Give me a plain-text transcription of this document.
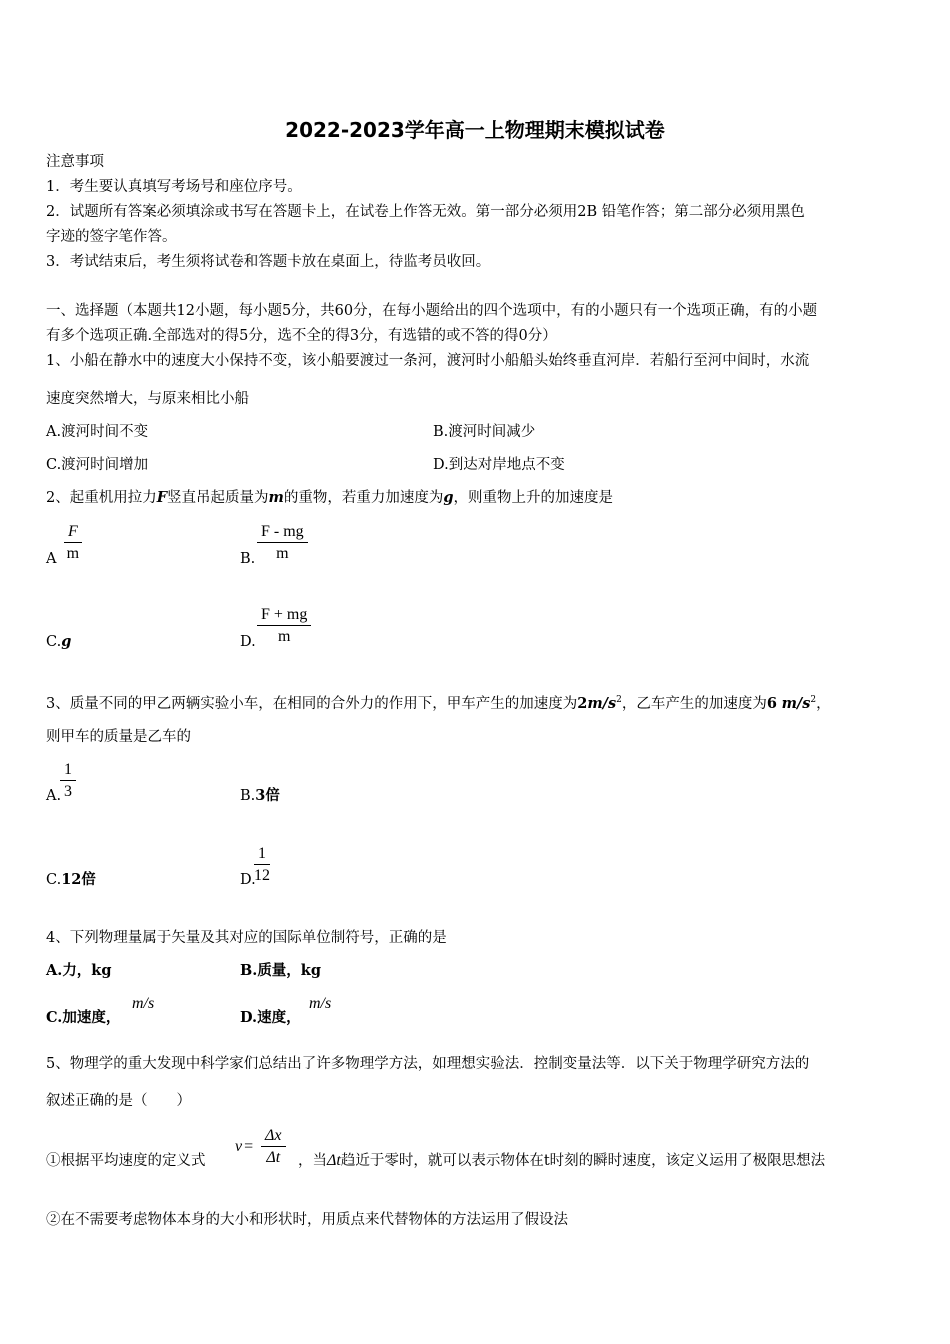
2022-2023学年高一上物理期末模拟试卷
注意事项
1．考生要认真填写考场号和座位序号。
2．试题所有答案必须填涂或书写在答题卡上，在试卷上作答无效。第一部分必须用2B 铅笔作答；第二部分必须用黑色
字迹的签字笔作答。
3．考试结束后，考生须将试卷和答题卡放在桌面上，待监考员收回。
一、选择题（本题共12小题，每小题5分，共60分，在每小题给出的四个选项中，有的小题只有一个选项正确，有的小题
有多个选项正确.全部选对的得5分，选不全的得3分，有选错的或不答的得0分）
1、小船在静水中的速度大小保持不变，该小船要渡过一条河，渡河时小船船头始终垂直河岸．若船行至河中间时，水流
速度突然增大，与原来相比小船
A.渡河时间不变	B.渡河时间减少
C.渡河时间增加	D.到达对岸地点不变
2、起重机用拉力F竖直吊起质量为m的重物，若重力加速度为g，则重物上升的加速度是
A
F
m	B.
F - mg
m
C.g	D.
F + mg
m
3、质量不同的甲乙两辆实验小车，在相同的合外力的作用下，甲车产生的加速度为$2m/s^2$，乙车产生的加速度为6 $m/s^2$，
则甲车的质量是乙车的
A.
1
3	B.3倍
C.12倍	D.
1
12
4、下列物理量属于矢量及其对应的国际单位制符号，正确的是
A.力，kg	B.质量，kg
C.加速度，
m/s
D.速度，
m/s
5、物理学的重大发现中科学家们总结出了许多物理学方法，如理想实验法．控制变量法等．以下关于物理学研究方法的
叙述正确的是（　　）
①根据平均速度的定义式
v =
Δx
Δt	，当Δt趋近于零时，就可以表示物体在t时刻的瞬时速度，该定义运用了极限思想法
②在不需要考虑物体本身的大小和形状时，用质点来代替物体的方法运用了假设法
